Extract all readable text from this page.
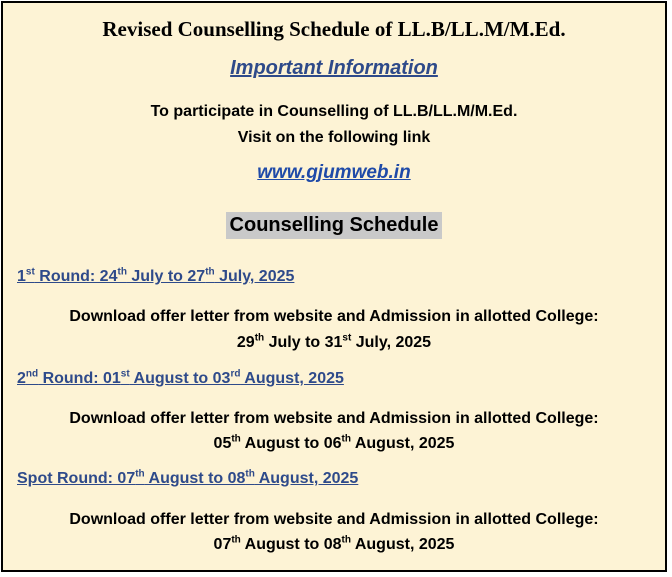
Revised Counselling Schedule of LL.B/LL.M/M.Ed.
Important Information
To participate in Counselling of LL.B/LL.M/M.Ed.
Visit on the following link
www.gjumweb.in
Counselling Schedule
1st Round: 24th July to 27th July, 2025
Download offer letter from website and Admission in allotted College:
29th July to 31st July, 2025
2nd Round: 01st August to 03rd August, 2025
Download offer letter from website and Admission in allotted College:
05th August to 06th August, 2025
Spot Round: 07th August to 08th August, 2025
Download offer letter from website and Admission in allotted College:
07th August to 08th August, 2025
